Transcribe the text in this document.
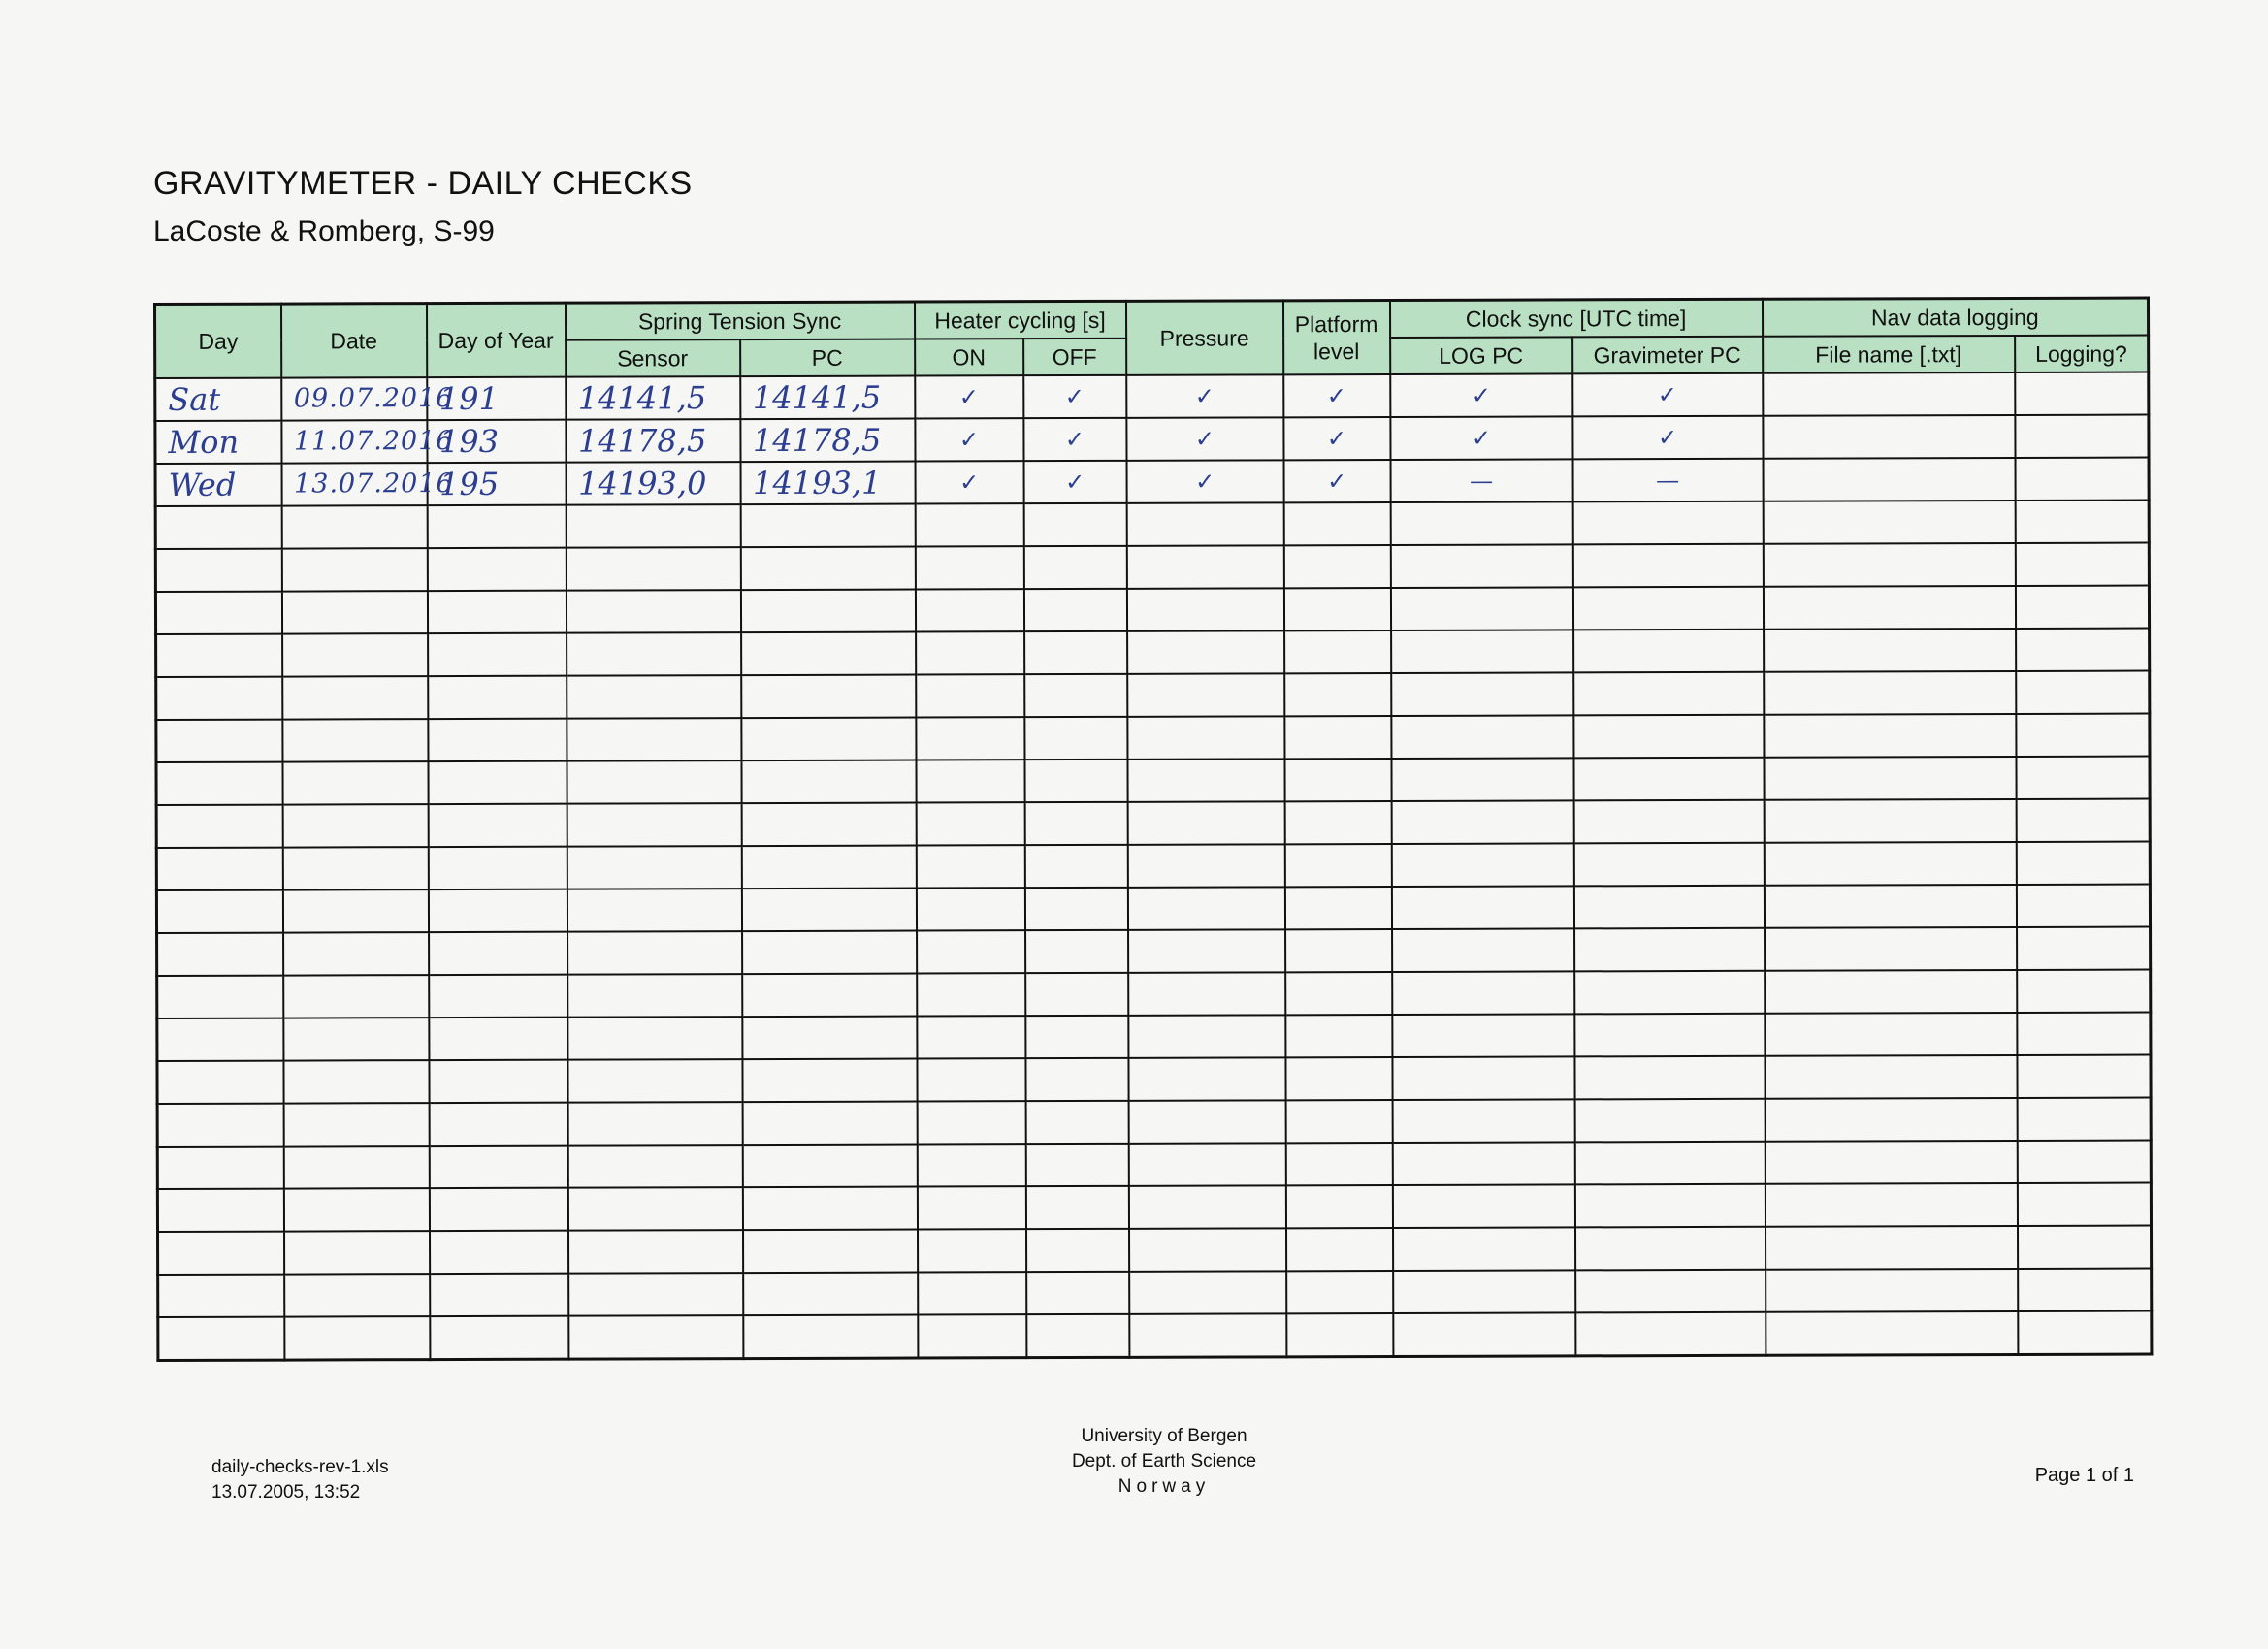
GRAVITYMETER - DAILY CHECKS
LaCoste & Romberg, S-99
Day	Date	Day of Year	Spring Tension Sync		Heater cycling [s]		Pressure	Platform level	Clock sync [UTC time]		Nav data logging	
			Sensor	PC	ON	OFF			LOG PC	Gravimeter PC	File name [.txt]	Logging?

Sat	09.07.2016	191	14141,5	14141,5	✓	✓	✓	✓	✓	✓		

Mon	11.07.2016	193	14178,5	14178,5	✓	✓	✓	✓	✓	✓		

Wed	13.07.2016	195	14193,0	14193,1	✓	✓	✓	✓	—	—		

daily-checks-rev-1.xls
13.07.2005, 13:52
University of Bergen
Dept. of Earth Science
Norway
Page 1 of 1
